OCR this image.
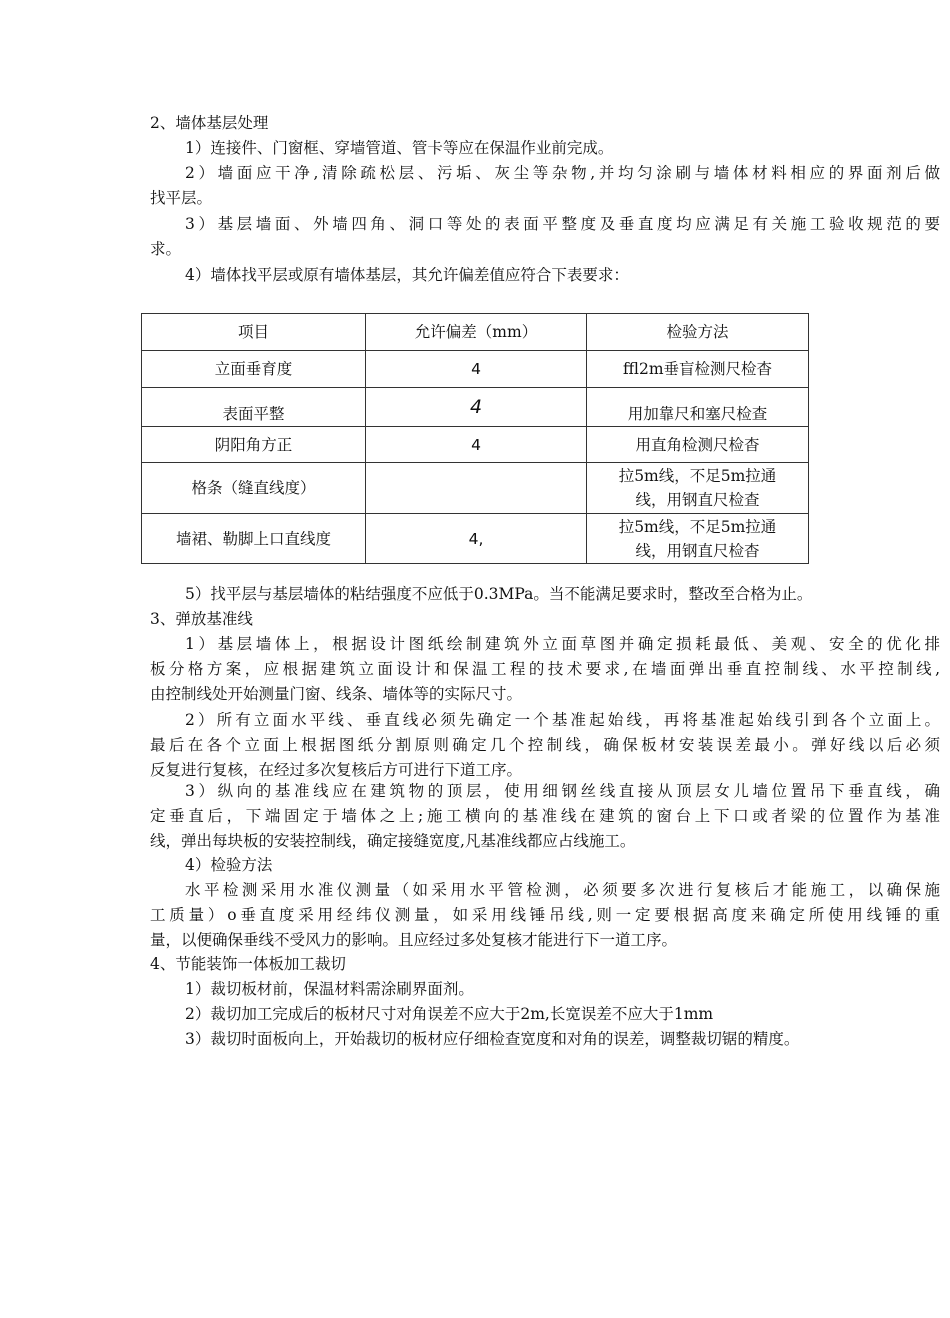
2、墙体基层处理
1）连接件、门窗框、穿墙管道、管卡等应在保温作业前完成。
2）墙面应干净,清除疏松层、污垢、灰尘等杂物,并均匀涂刷与墙体材料相应的界面剂后做
找平层。
3）基层墙面、外墙四角、洞口等处的表面平整度及垂直度均应满足有关施工验收规范的要
求。
4）墙体找平层或原有墙体基层，其允许偏差值应符合下表要求：
项目	允许偏差（mm）	检验方法
立面垂育度	4	ffl2m垂盲检测尺检杳
表面平整	4	用加靠尺和塞尺检查
阴阳角方正	4	用直角检测尺检杳
格条（缝直线度）		拉5m线，不足5m拉通
线，用钢直尺检查

墙裙、勒脚上口直线度	4,	拉5m线，不足5m拉通
线，用钢直尺检杳
5）找平层与基层墙体的粘结强度不应低于0.3MPa。当不能满足要求时，整改至合格为止。
3、弹放基准线
1）基层墙体上，根据设计图纸绘制建筑外立面草图并确定损耗最低、美观、安全的优化排
板分格方案，应根据建筑立面设计和保温工程的技术要求,在墙面弹出垂直控制线、水平控制线,
由控制线处开始测量门窗、线条、墙体等的实际尺寸。
2）所有立面水平线、垂直线必须先确定一个基准起始线，再将基准起始线引到各个立面上。
最后在各个立面上根据图纸分割原则确定几个控制线，确保板材安装误差最小。弹好线以后必须
反复进行复核，在经过多次复核后方可进行下道工序。
3）纵向的基准线应在建筑物的顶层，使用细钢丝线直接从顶层女儿墙位置吊下垂直线，确
定垂直后，下端固定于墙体之上;施工横向的基准线在建筑的窗台上下口或者梁的位置作为基准
线，弹出每块板的安装控制线，确定接缝宽度,凡基准线都应占线施工。
4）检验方法
水平检测采用水准仪测量（如采用水平管检测，必须要多次进行复核后才能施工，以确保施
工质量）o垂直度采用经纬仪测量，如采用线锤吊线,则一定要根据高度来确定所使用线锤的重
量，以便确保垂线不受风力的影响。且应经过多处复核才能进行下一道工序。
4、节能装饰一体板加工裁切
1）裁切板材前，保温材料需涂刷界面剂。
2）裁切加工完成后的板材尺寸对角误差不应大于2m,长宽误差不应大于1mm
3）裁切时面板向上，开始裁切的板材应仔细检查宽度和对角的误差，调整裁切锯的精度。
